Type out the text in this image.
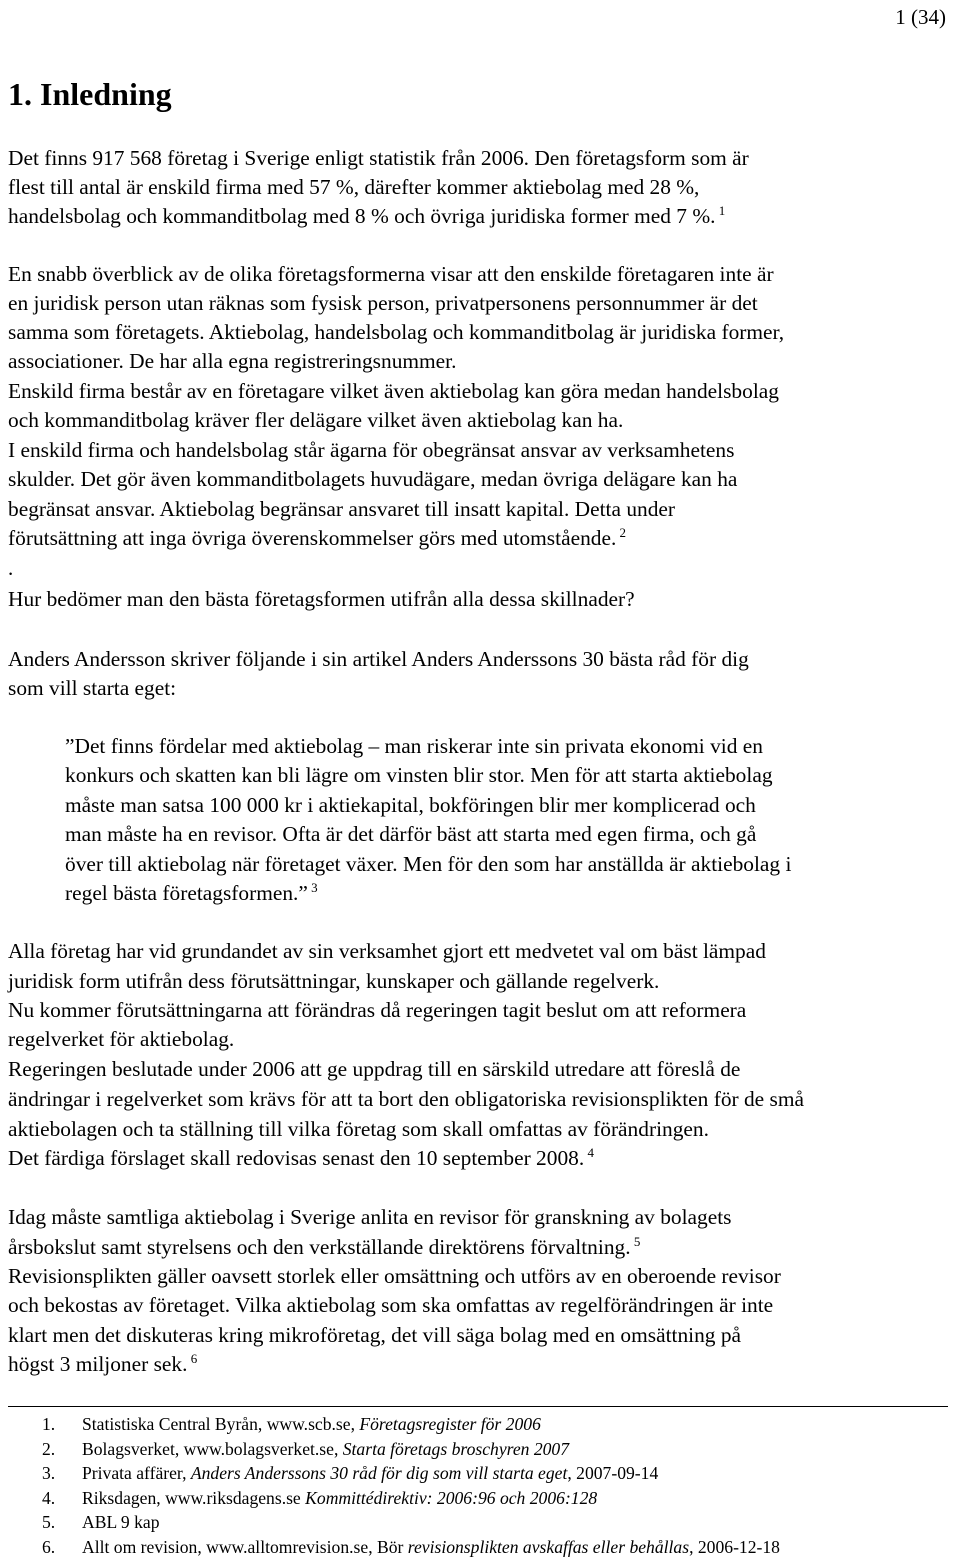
1 (34)
1. Inledning
Det finns 917 568 företag i Sverige enligt statistik från 2006. Den företagsform som är
flest till antal är enskild firma med 57 %, därefter kommer aktiebolag med 28 %,
handelsbolag och kommanditbolag med 8 % och övriga juridiska former med 7 %. $^1$
En snabb överblick av de olika företagsformerna visar att den enskilde företagaren inte är
en juridisk person utan räknas som fysisk person, privatpersonens personnummer är det
samma som företagets. Aktiebolag, handelsbolag och kommanditbolag är juridiska former,
associationer. De har alla egna registreringsnummer.
Enskild firma består av en företagare vilket även aktiebolag kan göra medan handelsbolag
och kommanditbolag kräver fler delägare vilket även aktiebolag kan ha.
I enskild firma och handelsbolag står ägarna för obegränsat ansvar av verksamhetens
skulder. Det gör även kommanditbolagets huvudägare, medan övriga delägare kan ha
begränsat ansvar. Aktiebolag begränsar ansvaret till insatt kapital. Detta under
förutsättning att inga övriga överenskommelser görs med utomstående. $^2$
Hur bedömer man den bästa företagsformen utifrån alla dessa skillnader?
Anders Andersson skriver följande i sin artikel Anders Anderssons 30 bästa råd för dig
som vill starta eget:
”Det finns fördelar med aktiebolag – man riskerar inte sin privata ekonomi vid en
konkurs och skatten kan bli lägre om vinsten blir stor. Men för att starta aktiebolag
måste man satsa 100 000 kr i aktiekapital, bokföringen blir mer komplicerad och
man måste ha en revisor. Ofta är det därför bäst att starta med egen firma, och gå
över till aktiebolag när företaget växer. Men för den som har anställda är aktiebolag i
regel bästa företagsformen.” $^3$
Alla företag har vid grundandet av sin verksamhet gjort ett medvetet val om bäst lämpad
juridisk form utifrån dess förutsättningar, kunskaper och gällande regelverk.
Nu kommer förutsättningarna att förändras då regeringen tagit beslut om att reformera
regelverket för aktiebolag.
Regeringen beslutade under 2006 att ge uppdrag till en särskild utredare att föreslå de
ändringar i regelverket som krävs för att ta bort den obligatoriska revisionsplikten för de små
aktiebolagen och ta ställning till vilka företag som skall omfattas av förändringen.
Det färdiga förslaget skall redovisas senast den 10 september 2008. $^4$
Idag måste samtliga aktiebolag i Sverige anlita en revisor för granskning av bolagets
årsbokslut samt styrelsens och den verkställande direktörens förvaltning. $^5$
Revisionsplikten gäller oavsett storlek eller omsättning och utförs av en oberoende revisor
och bekostas av företaget. Vilka aktiebolag som ska omfattas av regelförändringen är inte
klart men det diskuteras kring mikroföretag, det vill säga bolag med en omsättning på
högst 3 miljoner sek. $^6$
.
1. Statistiska Central Byrån, www.scb.se, Företagsregister för 2006
2. Bolagsverket, www.bolagsverket.se, Starta företags broschyren 2007
3. Privata affärer, Anders Anderssons 30 råd för dig som vill starta eget, 2007-09-14
4. Riksdagen, www.riksdagens.se Kommittédirektiv: 2006:96 och 2006:128
5. ABL 9 kap
6. Allt om revision, www.alltomrevision.se, Bör revisionsplikten avskaffas eller behållas, 2006-12-18
